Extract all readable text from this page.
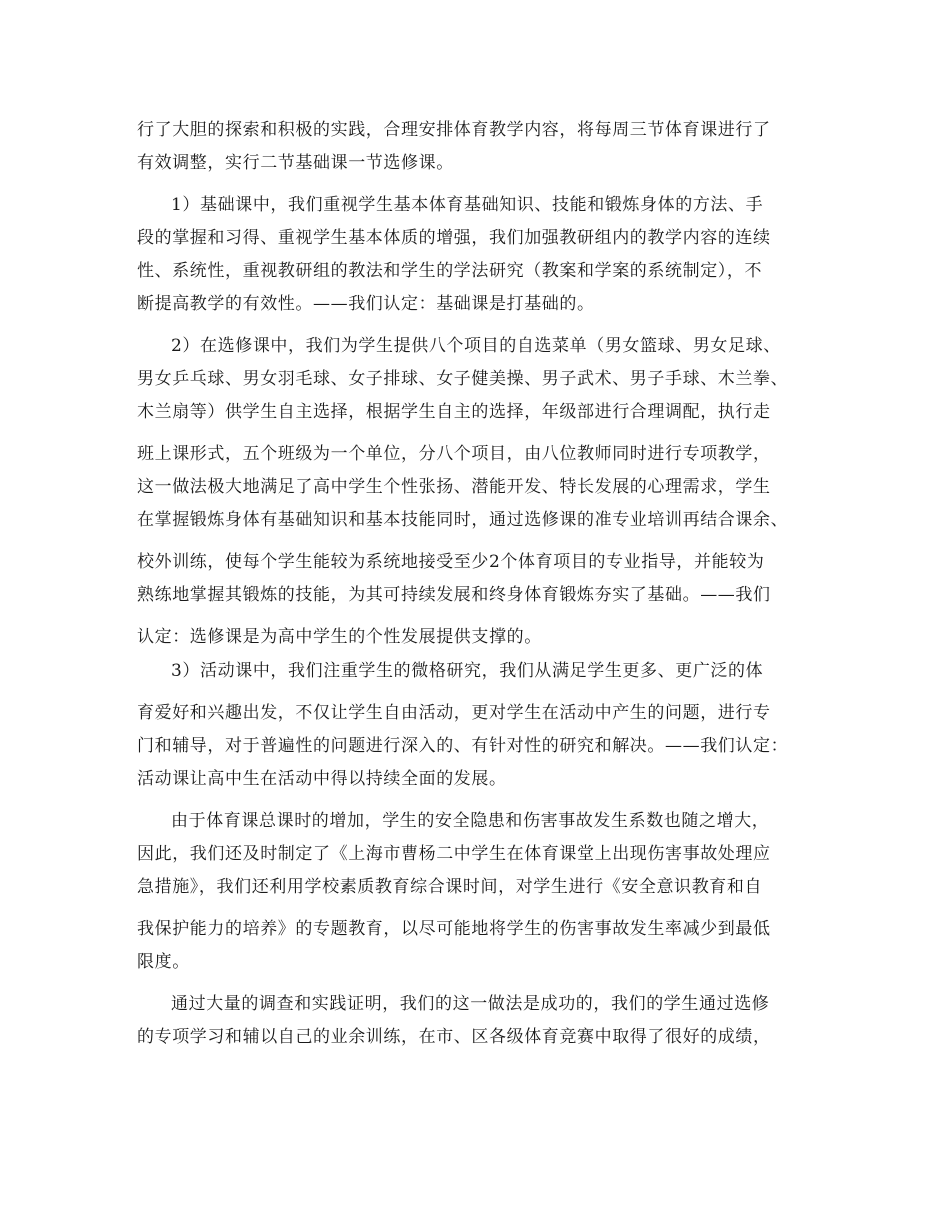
行了大胆的探索和积极的实践，合理安排体育教学内容，将每周三节体育课进行了
有效调整，实行二节基础课一节选修课。
1）基础课中，我们重视学生基本体育基础知识、技能和锻炼身体的方法、手
段的掌握和习得、重视学生基本体质的增强，我们加强教研组内的教学内容的连续
性、系统性，重视教研组的教法和学生的学法研究（教案和学案的系统制定），不
断提高教学的有效性。——我们认定：基础课是打基础的。
2）在选修课中，我们为学生提供八个项目的自选菜单（男女篮球、男女足球、
男女乒乓球、男女羽毛球、女子排球、女子健美操、男子武术、男子手球、木兰拳、
木兰扇等）供学生自主选择，根据学生自主的选择，年级部进行合理调配，执行走
班上课形式，五个班级为一个单位，分八个项目，由八位教师同时进行专项教学，
这一做法极大地满足了高中学生个性张扬、潜能开发、特长发展的心理需求，学生
在掌握锻炼身体有基础知识和基本技能同时，通过选修课的准专业培训再结合课余、
校外训练，使每个学生能较为系统地接受至少2个体育项目的专业指导，并能较为
熟练地掌握其锻炼的技能，为其可持续发展和终身体育锻炼夯实了基础。——我们
认定：选修课是为高中学生的个性发展提供支撑的。
3）活动课中，我们注重学生的微格研究，我们从满足学生更多、更广泛的体
育爱好和兴趣出发，不仅让学生自由活动，更对学生在活动中产生的问题，进行专
门和辅导，对于普遍性的问题进行深入的、有针对性的研究和解决。——我们认定：
活动课让高中生在活动中得以持续全面的发展。
由于体育课总课时的增加，学生的安全隐患和伤害事故发生系数也随之增大，
因此，我们还及时制定了《上海市曹杨二中学生在体育课堂上出现伤害事故处理应
急措施》，我们还利用学校素质教育综合课时间，对学生进行《安全意识教育和自
我保护能力的培养》的专题教育，以尽可能地将学生的伤害事故发生率减少到最低
限度。
通过大量的调查和实践证明，我们的这一做法是成功的，我们的学生通过选修
的专项学习和辅以自己的业余训练，在市、区各级体育竞赛中取得了很好的成绩，
